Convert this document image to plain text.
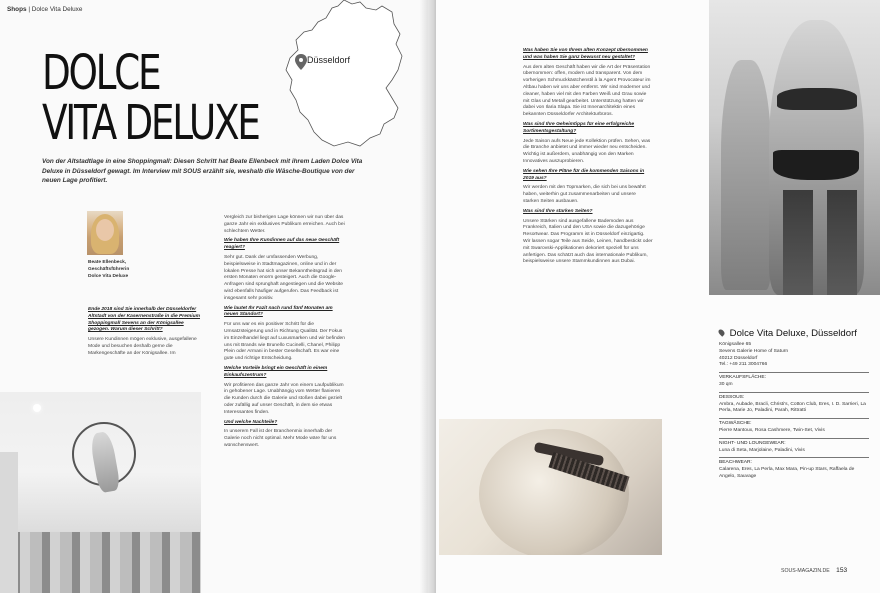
Shops | Dolce Vita Deluxe
Düsseldorf
DOLCE
VITA DELUXE
Von der Altstadtlage in eine Shoppingmall: Diesen Schritt hat Beate Ellenbeck mit ihrem Laden Dolce Vita Deluxe in Düsseldorf gewagt. Im Interview mit SOUS erzählt sie, weshalb die Wäsche-Boutique von der neuen Lage profitiert.
Beate Ellenbeck,
Geschäftsführerin
Dolce Vita Deluxe

Ende 2018 sind Sie innerhalb der Düsseldorfer Altstadt von der Kasernenstraße in die Premium Shoppingmall Sevens an der Königsallee gezogen. Warum dieser Schritt?

Unsere Kundinnen mögen exklusive, ausgefallene Mode und besuchen deshalb gerne die Markengeschäfte an der Königsallee. Im

Vergleich zur bisherigen Lage können wir nun über das ganze Jahr ein exklusives Publikum erreichen. Auch bei schlechtem Wetter.

Wie haben Ihre Kundinnen auf das neue Geschäft reagiert?

Sehr gut. Dank der umfassenden Werbung, beispielsweise in Stadtmagazinen, online und in der lokalen Presse hat sich unser Bekanntheitsgrad in den ersten Monaten enorm gesteigert. Auch die Google-Anfragen sind sprunghaft angestiegen und die Website wird ebenfalls häufiger aufgerufen. Das Feedback ist insgesamt sehr positiv.

Wie lautet Ihr Fazit nach rund fünf Monaten am neuen Standort?

Für uns war es ein positiver Schritt für die Umsatzsteigerung und in Richtung Qualität. Der Fokus im Einzelhandel liegt auf Luxusmarken und wir befinden uns mit Brands wie Brunello Cucinelli, Chanel, Philipp Plein oder Armani in bester Gesellschaft. Es war eine gute und richtige Entscheidung.

Welche Vorteile bringt ein Geschäft in einem Einkaufszentrum?

Wir profitieren das ganze Jahr von einem Laufpublikum in gehobener Lage. Unabhängig vom Wetter flanieren die Kunden durch die Galerie und stoßen dabei gezielt oder zufällig auf unser Geschäft, in dem sie etwas Interessantes finden.

Und welche Nachteile?

In unserem Fall ist der Branchenmix innerhalb der Galerie noch nicht optimal. Mehr Mode wäre für uns wünschenswert.

Was haben Sie von Ihrem alten Konzept übernommen und was haben Sie ganz bewusst neu gestaltet?

Aus dem alten Geschäft haben wir die Art der Präsentation übernommen: offen, modern und transparent. Von dem vorherigen Schmuckkästchenstil à la Agent Provocateur im Altbau haben wir uns aber entfernt. Wir sind moderner und cleaner, haben viel mit den Farben Weiß und Grau sowie mit Glas und Metall gearbeitet. Unterstützung hatten wir dabei von Ilaria Slapa. Sie ist Innenarchitektin eines bekannten Düsseldorfer Architekturbüros.

Was sind Ihre Geheimtipps für eine erfolgreiche Sortimentsgestaltung?

Jede Saison aufs Neue jede Kollektion prüfen. Sehen, was die Branche anbietet und immer wieder neu entscheiden. Wichtig ist außerdem, unabhängig von den Marken Innovatives auszuprobieren.

Wie sehen Ihre Pläne für die kommenden Saisons in 2019 aus?

Wir werden mit den Topmarken, die sich bei uns bewährt haben, weiterhin gut zusammenarbeiten und unsere starken Seiten ausbauen.

Was sind Ihre starken Seiten?

Unsere Stärken sind ausgefallene Bademoden aus Frankreich, Italien und den USA sowie die dazugehörige Resortwear. Das Programm ist in Düsseldorf einzigartig. Wir lassen sogar Teile aus Seide, Leinen, handbestickt oder mit Swarovski-Applikationen dekoriert speziell für uns anfertigen. Das schätzt auch das internationale Publikum, beispielsweise unsere Stammkundinnen aus Dubai.

Dolce Vita Deluxe, Düsseldorf
Königsallee 65
Sevens Galerie Home of Saturn
40212 Düsseldorf
Tel.: +49 211 3004766
VERKAUFSFLÄCHE:
30 qm
DESSOUS:
Ambra, Aubade, Bracli, Christi's, Cotton Club, Eres, I. D. Sarrieri, La Perla, Marie Jo, Paladini, Parah, Rittratti
TAGWÄSCHE:
Pierre Mantoux, Rosa Cashmere, Twin-Set, Vivis
NIGHT- UND LOUNGEWEAR:
Luna di Seta, Marjolaine, Paladini, Vivis
BEACHWEAR:
Calarena, Eres, La Perla, Max Mara, Pin-up Stars, Raffaela de Angelo, Sauvage
SOUS-MAGAZIN.DE 153
